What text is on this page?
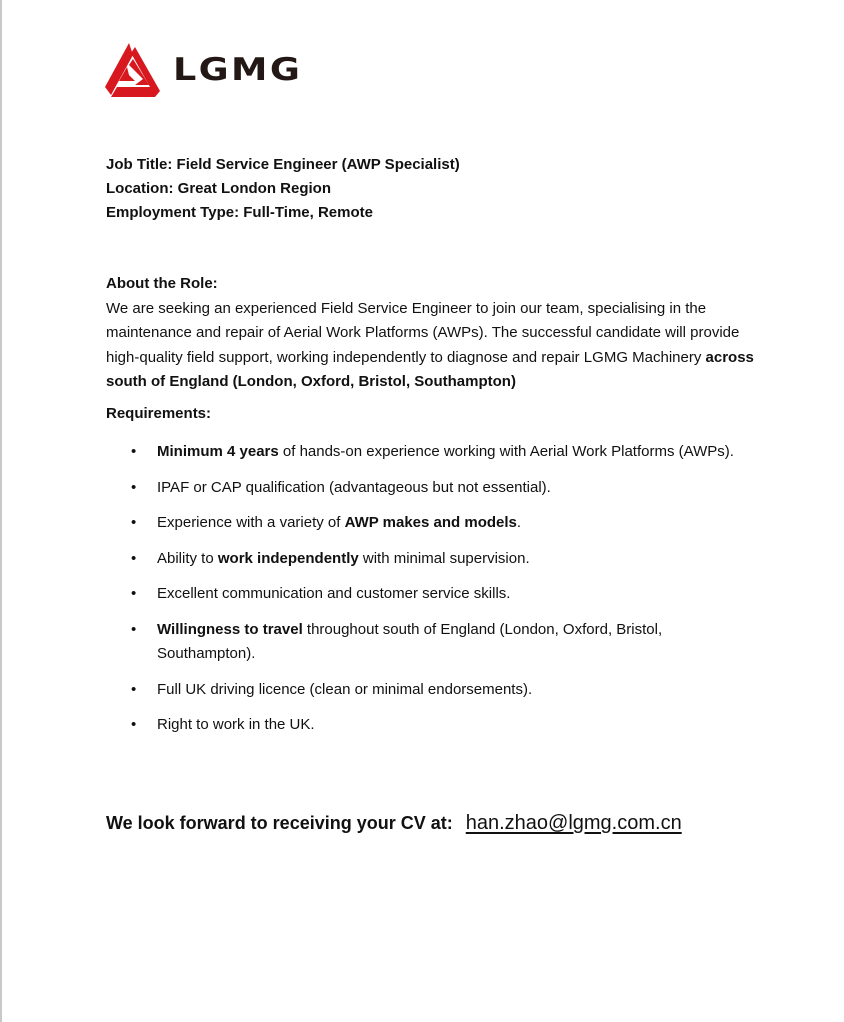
LGMG
Job Title: Field Service Engineer (AWP Specialist)
Location: Great London Region
Employment Type: Full-Time, Remote
About the Role:
We are seeking an experienced Field Service Engineer to join our team, specialising in the maintenance and repair of Aerial Work Platforms (AWPs). The successful candidate will provide high-quality field support, working independently to diagnose and repair LGMG Machinery across south of England (London, Oxford, Bristol, Southampton)
Requirements:
• Minimum 4 years of hands-on experience working with Aerial Work Platforms (AWPs).
• IPAF or CAP qualification (advantageous but not essential).
• Experience with a variety of AWP makes and models.
• Ability to work independently with minimal supervision.
• Excellent communication and customer service skills.
• Willingness to travel throughout south of England (London, Oxford, Bristol, Southampton).
• Full UK driving licence (clean or minimal endorsements).
• Right to work in the UK.
We look forward to receiving your CV at: han.zhao@lgmg.com.cn
